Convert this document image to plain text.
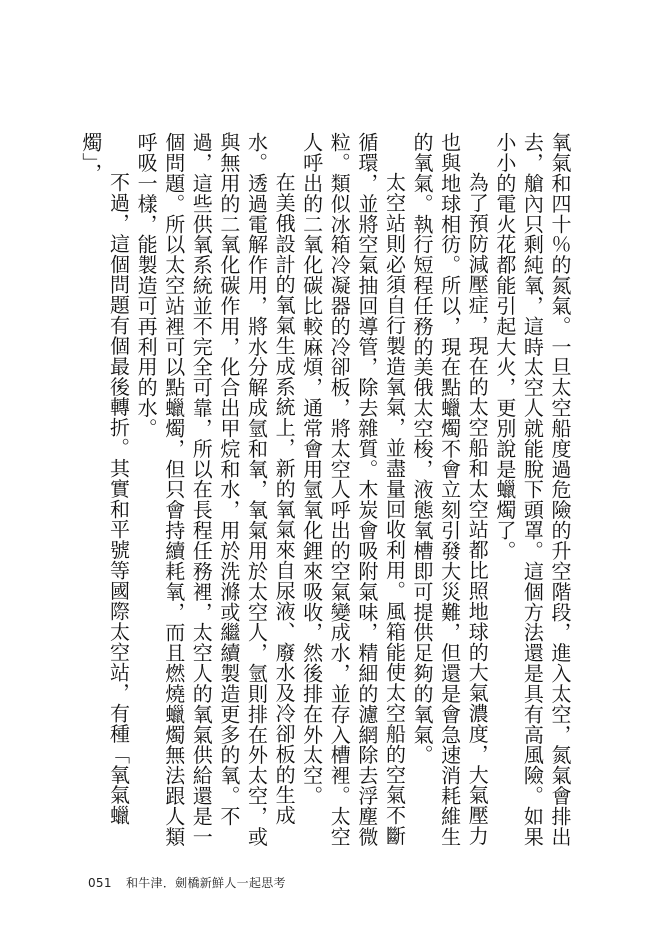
氧氣和四十％的氮氣。一旦太空船度過危險的升空階段，進入太空，氮氣會排出去，艙內只剩純氧，這時太空人就能脫下頭罩。這個方法還是具有高風險。如果小小的電火花都能引起大火，更別說是蠟燭了。

為了預防減壓症，現在的太空船和太空站都比照地球的大氣濃度，大氣壓力也與地球相彷。所以，現在點蠟燭不會立刻引發大災難，但還是會急速消耗維生的氧氣。執行短程任務的美俄太空梭，液態氧槽即可提供足夠的氧氣。

太空站則必須自行製造氧氣，並盡量回收利用。風箱能使太空船的空氣不斷循環，並將空氣抽回導管，除去雜質。木炭會吸附氣味，精細的濾網除去浮塵微粒。類似冰箱冷凝器的冷卻板，將太空人呼出的空氣變成水，並存入槽裡。太空人呼出的二氧化碳比較麻煩，通常會用氫氧化鋰來吸收，然後排在外太空。

在美俄設計的氧氣生成系統上，新的氧氣來自尿液、廢水及冷卻板的生成水。透過電解作用，將水分解成氫和氧，氧氣用於太空人，氫則排在外太空，或與無用的二氧化碳作用，化合出甲烷和水，用於洗滌或繼續製造更多的氧。不過，這些供氧系統並不完全可靠，所以在長程任務裡，太空人的氧氣供給還是一個問題。所以太空站裡可以點蠟燭，但只會持續耗氧，而且燃燒蠟燭無法跟人類呼吸一樣，能製造可再利用的水。

不過，這個問題有個最後轉折。其實和平號等國際太空站，有種「氧氣蠟燭」，

051 和牛津．劍橋新鮮人一起思考
